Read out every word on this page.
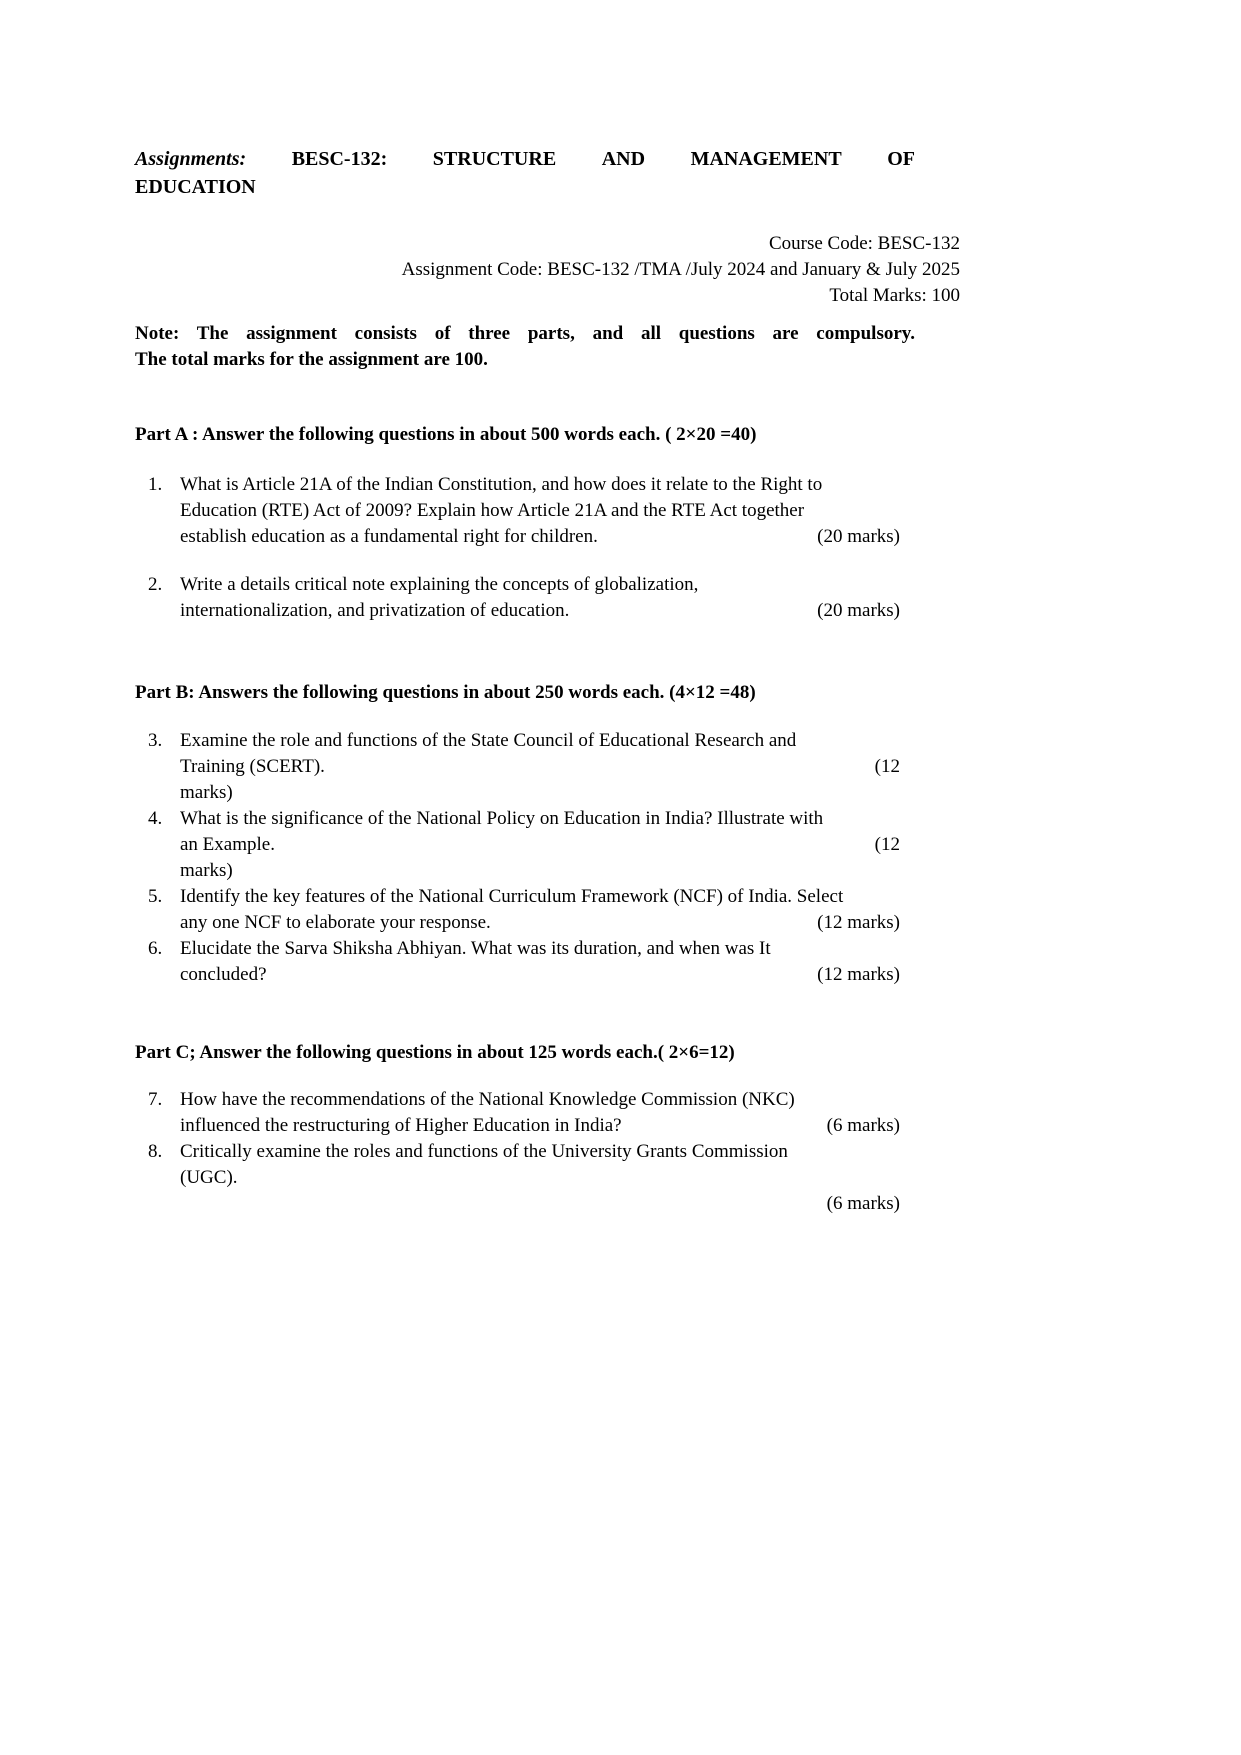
Assignments: BESC-132: STRUCTURE AND MANAGEMENT OF
EDUCATION
Course Code: BESC-132
Assignment Code: BESC-132 /TMA /July 2024 and January & July 2025
Total Marks: 100
Note: The assignment consists of three parts, and all questions are compulsory.
The total marks for the assignment are 100.
Part A : Answer the following questions in about 500 words each. ( 2×20 =40)
1. What is Article 21A of the Indian Constitution, and how does it relate to the Right to
Education (RTE) Act of 2009? Explain how Article 21A and the RTE Act together
establish education as a fundamental right for children.	(20 marks)
2. Write a details critical note explaining the concepts of globalization,
internationalization, and privatization of education.	(20 marks)
Part B: Answers the following questions in about 250 words each. (4×12 =48)
3. Examine the role and functions of the State Council of Educational Research and
Training (SCERT).	(12
marks)
4. What is the significance of the National Policy on Education in India? Illustrate with
an Example.	(12
marks)
5. Identify the key features of the National Curriculum Framework (NCF) of India. Select
any one NCF to elaborate your response.	(12 marks)
6. Elucidate the Sarva Shiksha Abhiyan. What was its duration, and when was It
concluded?	(12 marks)
Part C; Answer the following questions in about 125 words each.( 2×6=12)
7. How have the recommendations of the National Knowledge Commission (NKC)
influenced the restructuring of Higher Education in India?	(6 marks)
8. Critically examine the roles and functions of the University Grants Commission
(UGC).
(6 marks)
